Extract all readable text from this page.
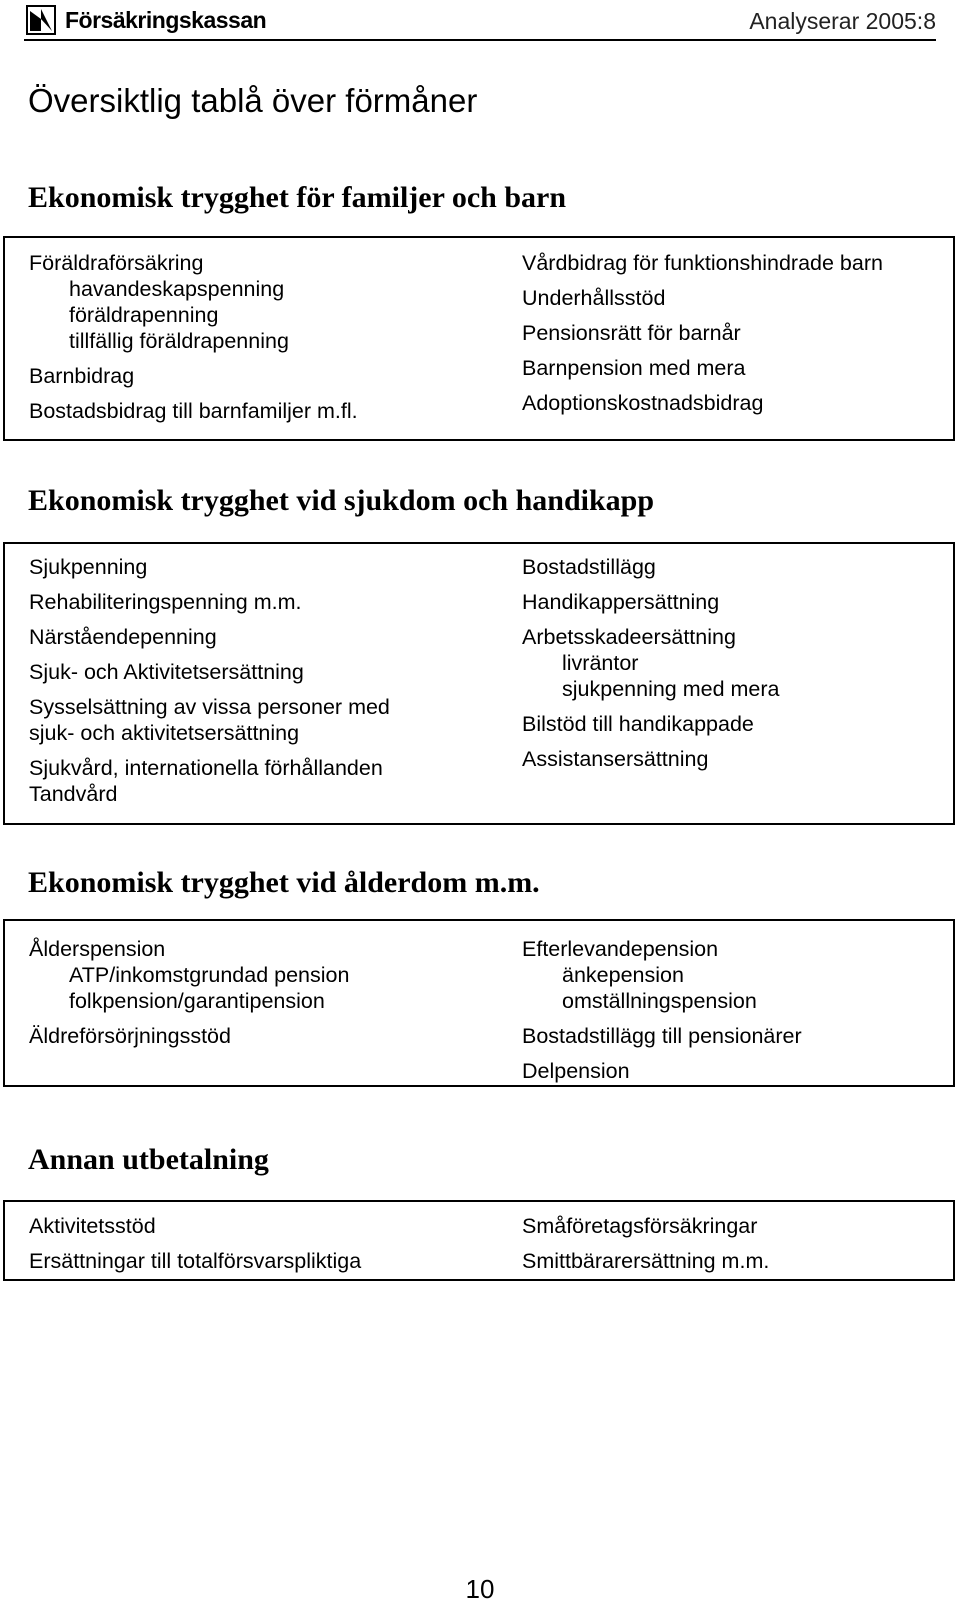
Försäkringskassan	Analyserar 2005:8
Översiktlig tablå över förmåner
Ekonomisk trygghet för familjer och barn
Föräldraförsäkring
havandeskapspenning
föräldrapenning
tillfällig föräldrapenning
Barnbidrag
Bostadsbidrag till barnfamiljer m.fl.
Vårdbidrag för funktionshindrade barn
Underhållsstöd
Pensionsrätt för barnår
Barnpension med mera
Adoptionskostnadsbidrag
Ekonomisk trygghet vid sjukdom och handikapp
Sjukpenning
Rehabiliteringspenning m.m.
Närståendepenning
Sjuk- och Aktivitetsersättning
Sysselsättning av vissa personer med
sjuk- och aktivitetsersättning
Sjukvård, internationella förhållanden
Tandvård
Bostadstillägg
Handikappersättning
Arbetsskadeersättning
livräntor
sjukpenning med mera
Bilstöd till handikappade
Assistansersättning
Ekonomisk trygghet vid ålderdom m.m.
Ålderspension
ATP/inkomstgrundad pension
folkpension/garantipension
Äldreförsörjningsstöd
Efterlevandepension
änkepension
omställningspension
Bostadstillägg till pensionärer
Delpension
Annan utbetalning
Aktivitetsstöd
Ersättningar till totalförsvarspliktiga
Småföretagsförsäkringar
Smittbärarersättning m.m.
10
